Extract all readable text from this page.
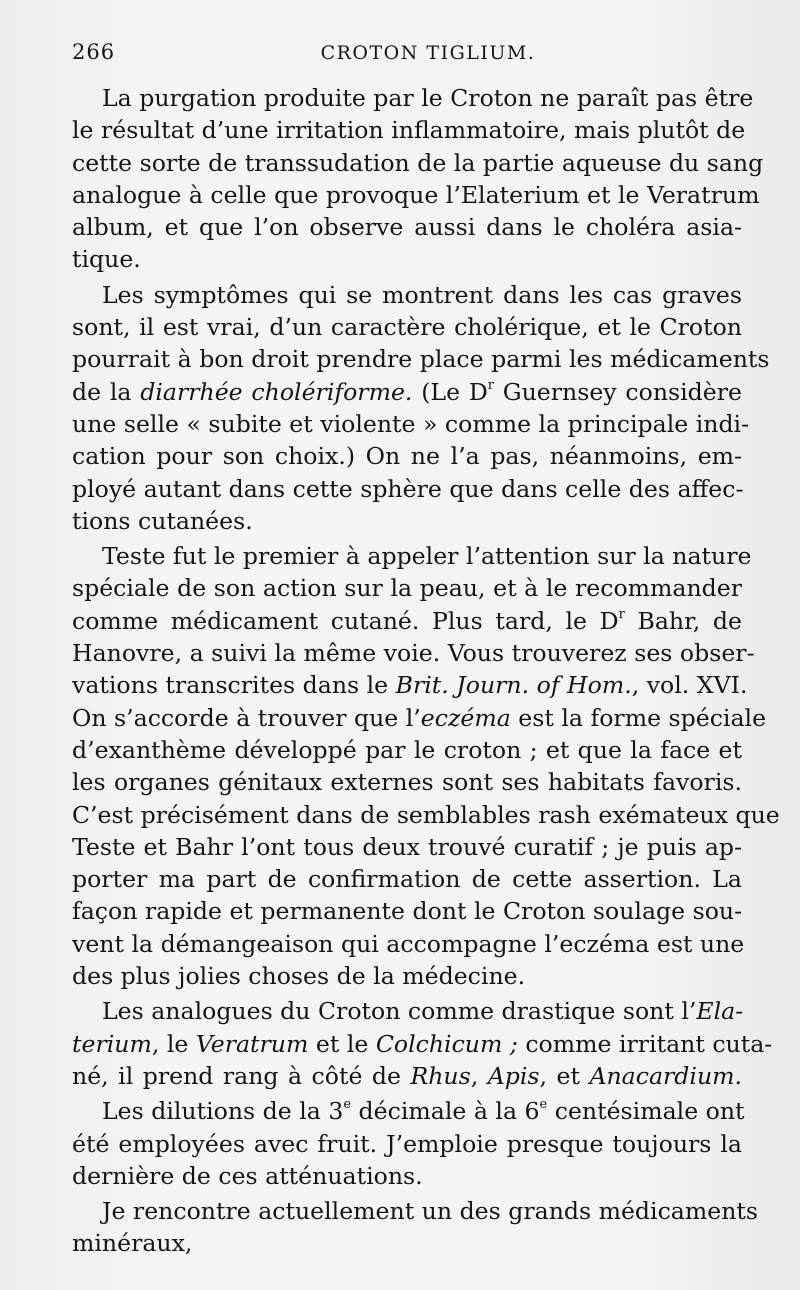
266	CROTON TIGLIUM.
La purgation produite par le Croton ne paraît pas être
le résultat d’une irritation inflammatoire, mais plutôt de
cette sorte de transsudation de la partie aqueuse du sang
analogue à celle que provoque l’Elaterium et le Veratrum
album, et que l’on observe aussi dans le choléra asia-
tique.
Les symptômes qui se montrent dans les cas graves
sont, il est vrai, d’un caractère cholérique, et le Croton
pourrait à bon droit prendre place parmi les médicaments
de la diarrhée cholériforme. (Le $D^r$ Guernsey considère
une selle « subite et violente » comme la principale indi-
cation pour son choix.) On ne l’a pas, néanmoins, em-
ployé autant dans cette sphère que dans celle des affec-
tions cutanées.
Teste fut le premier à appeler l’attention sur la nature
spéciale de son action sur la peau, et à le recommander
comme médicament cutané. Plus tard, le $D^r$ Bahr, de
Hanovre, a suivi la même voie. Vous trouverez ses obser-
vations transcrites dans le Brit. Journ. of Hom., vol. XVI.
On s’accorde à trouver que l’eczéma est la forme spéciale
d’exanthème développé par le croton ; et que la face et
les organes génitaux externes sont ses habitats favoris.
C’est précisément dans de semblables rash exémateux que
Teste et Bahr l’ont tous deux trouvé curatif ; je puis ap-
porter ma part de confirmation de cette assertion. La
façon rapide et permanente dont le Croton soulage sou-
vent la démangeaison qui accompagne l’eczéma est une
des plus jolies choses de la médecine.
Les analogues du Croton comme drastique sont l’Ela-
terium, le Veratrum et le Colchicum ; comme irritant cuta-
né, il prend rang à côté de Rhus, Apis, et Anacardium.
Les dilutions de la 3e décimale à la 6e centésimale ont
été employées avec fruit. J’emploie presque toujours la
dernière de ces atténuations.
Je rencontre actuellement un des grands médicaments
minéraux,
